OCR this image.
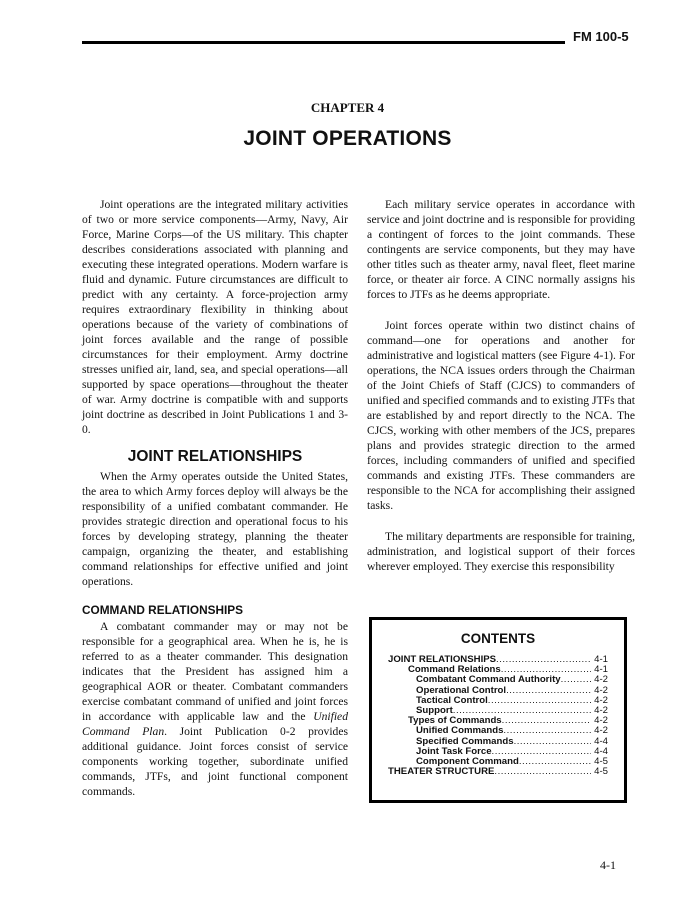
FM 100-5
CHAPTER 4
JOINT OPERATIONS

Joint operations are the integrated military activities of two or more service components—Army, Navy, Air Force, Marine Corps—of the US military. This chapter describes considerations associated with planning and executing these integrated operations. Modern warfare is fluid and dynamic. Future circumstances are difficult to predict with any certainty. A force-projection army requires extraordinary flexibility in thinking about operations because of the variety of combinations of joint forces available and the range of possible circumstances for their employment. Army doctrine stresses unified air, land, sea, and special operations—all supported by space operations—throughout the theater of war. Army doctrine is compatible with and supports joint doctrine as described in Joint Publications 1 and 3-0.

JOINT RELATIONSHIPS

When the Army operates outside the United States, the area to which Army forces deploy will always be the responsibility of a unified combatant commander. He provides strategic direction and operational focus to his forces by developing strategy, planning the theater campaign, organizing the theater, and establishing command relationships for effective unified and joint operations.

COMMAND RELATIONSHIPS

A combatant commander may or may not be responsible for a geographical area. When he is, he is referred to as a theater commander. This designation indicates that the President has assigned him a geographical AOR or theater. Combatant commanders exercise combatant command of unified and joint forces in accordance with applicable law and the Unified Command Plan. Joint Publication 0-2 provides additional guidance. Joint forces consist of service components working together, subordinate unified commands, JTFs, and joint functional component commands.

Each military service operates in accordance with service and joint doctrine and is responsible for providing a contingent of forces to the joint commands. These contingents are service components, but they may have other titles such as theater army, naval fleet, fleet marine force, or theater air force. A CINC normally assigns his forces to JTFs as he deems appropriate.

Joint forces operate within two distinct chains of command—one for operations and another for administrative and logistical matters (see Figure 4-1). For operations, the NCA issues orders through the Chairman of the Joint Chiefs of Staff (CJCS) to commanders of unified and specified commands and to existing JTFs that are established by and report directly to the NCA. The CJCS, working with other members of the JCS, prepares plans and provides strategic direction to the armed forces, including commanders of unified and specified commands and existing JTFs. These commanders are responsible to the NCA for accomplishing their assigned tasks.

The military departments are responsible for training, administration, and logistical support of their forces wherever employed. They exercise this responsibility

CONTENTS
JOINT RELATIONSHIPS .....	4-1
Command Relations .....	4-1
Combatant Command Authority .....	4-2
Operational Control .....	4-2
Tactical Control .....	4-2
Support .....	4-2
Types of Commands .....	4-2
Unified Commands .....	4-2
Specified Commands .....	4-4
Joint Task Force .....	4-4
Component Command .....	4-5
THEATER STRUCTURE .....	4-5
4-1
